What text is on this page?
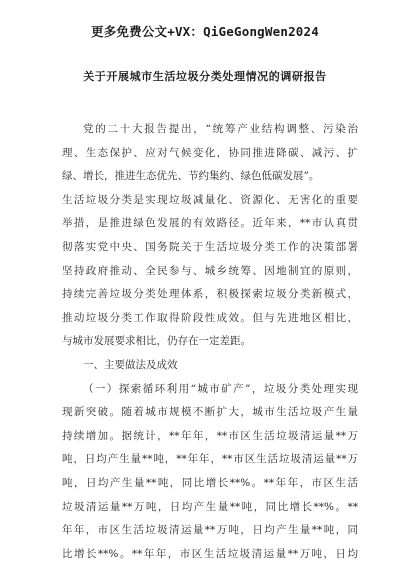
更多免费公文+VX：QiGeGongWen2024
关于开展城市生活垃圾分类处理情况的调研报告
党的二十大报告提出，“统筹产业结构调整、污染治
理、生态保护、应对气候变化，协同推进降碳、减污、扩
绿、增长，推进生态优先、节约集约、绿色低碳发展”。
生活垃圾分类是实现垃圾减量化、资源化、无害化的重要
举措，是推进绿色发展的有效路径。近年来，**市认真贯
彻落实党中央、国务院关于生活垃圾分类工作的决策部署
坚持政府推动、全民参与、城乡统筹、因地制宜的原则，
持续完善垃圾分类处理体系，积极探索垃圾分类新模式，
推动垃圾分类工作取得阶段性成效。但与先进地区相比，
与城市发展要求相比，仍存在一定差距。
一、主要做法及成效
（一）探索循环利用“城市矿产”，垃圾分类处理实现
现新突破。随着城市规模不断扩大，城市生活垃圾产生量
持续增加。据统计，**年年，**市区生活垃圾清运量**万
吨，日均产生量**吨，**年年，**市区生活垃圾清运量**万
吨，日均产生量**吨，同比增长**%。**年年，市区生活
垃圾清运量**万吨，日均产生量**吨，同比增长**%。**
年年，市区生活垃圾清运量**万吨，日均产生量**吨，同
比增长**%。**年年，市区生活垃圾清运量**万吨，日均
